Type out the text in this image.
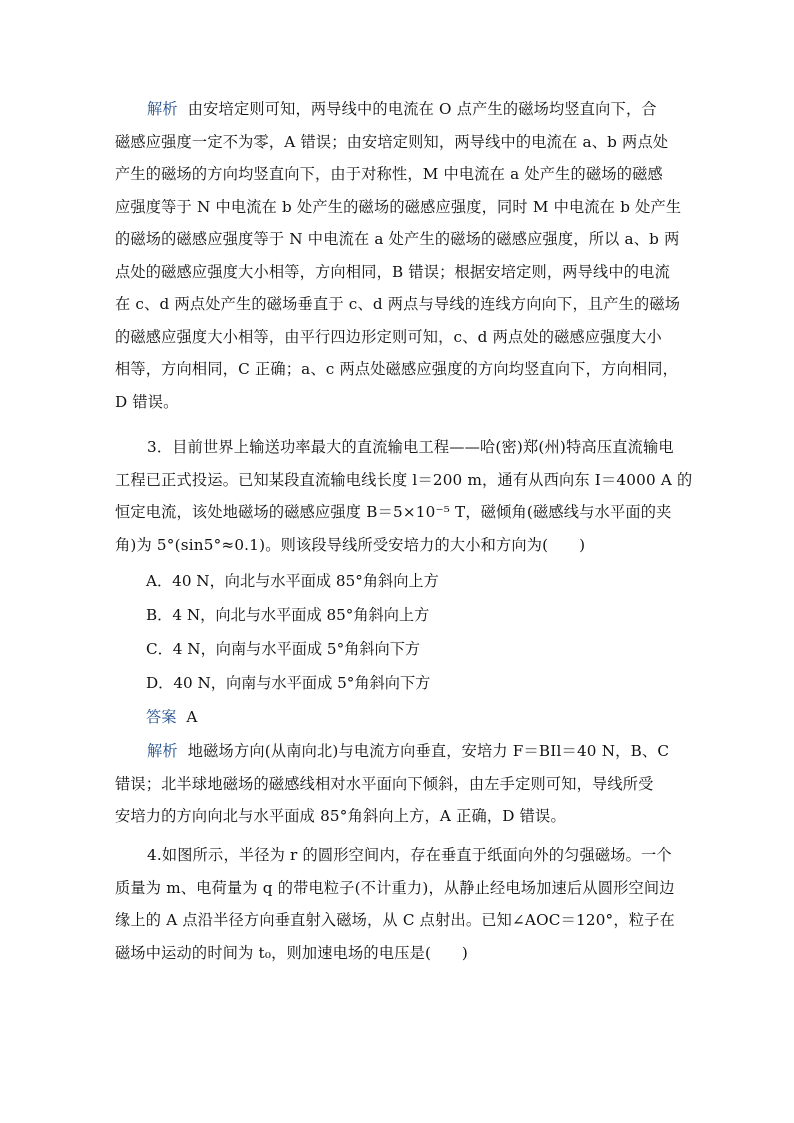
解析 由安培定则可知，两导线中的电流在 O 点产生的磁场均竖直向下，合
磁感应强度一定不为零，A 错误；由安培定则知，两导线中的电流在 a、b 两点处
产生的磁场的方向均竖直向下，由于对称性，M 中电流在 a 处产生的磁场的磁感
应强度等于 N 中电流在 b 处产生的磁场的磁感应强度，同时 M 中电流在 b 处产生
的磁场的磁感应强度等于 N 中电流在 a 处产生的磁场的磁感应强度，所以 a、b 两
点处的磁感应强度大小相等，方向相同，B 错误；根据安培定则，两导线中的电流
在 c、d 两点处产生的磁场垂直于 c、d 两点与导线的连线方向向下，且产生的磁场
的磁感应强度大小相等，由平行四边形定则可知，c、d 两点处的磁感应强度大小
相等，方向相同，C 正确；a、c 两点处磁感应强度的方向均竖直向下，方向相同，
D 错误。
3．目前世界上输送功率最大的直流输电工程——哈(密)郑(州)特高压直流输电
工程已正式投运。已知某段直流输电线长度 l＝200 m，通有从西向东 I＝4000 A 的
恒定电流，该处地磁场的磁感应强度 B＝5×10⁻⁵ T，磁倾角(磁感线与水平面的夹
角)为 5°(sin5°≈0.1)。则该段导线所受安培力的大小和方向为(　　)
A．40 N，向北与水平面成 85°角斜向上方
B．4 N，向北与水平面成 85°角斜向上方
C．4 N，向南与水平面成 5°角斜向下方
D．40 N，向南与水平面成 5°角斜向下方
答案 A
解析 地磁场方向(从南向北)与电流方向垂直，安培力 F＝BIl＝40 N，B、C
错误；北半球地磁场的磁感线相对水平面向下倾斜，由左手定则可知，导线所受
安培力的方向向北与水平面成 85°角斜向上方，A 正确，D 错误。
4.如图所示，半径为 r 的圆形空间内，存在垂直于纸面向外的匀强磁场。一个
质量为 m、电荷量为 q 的带电粒子(不计重力)，从静止经电场加速后从圆形空间边
缘上的 A 点沿半径方向垂直射入磁场，从 C 点射出。已知∠AOC＝120°，粒子在
磁场中运动的时间为 t₀，则加速电场的电压是(　　)
